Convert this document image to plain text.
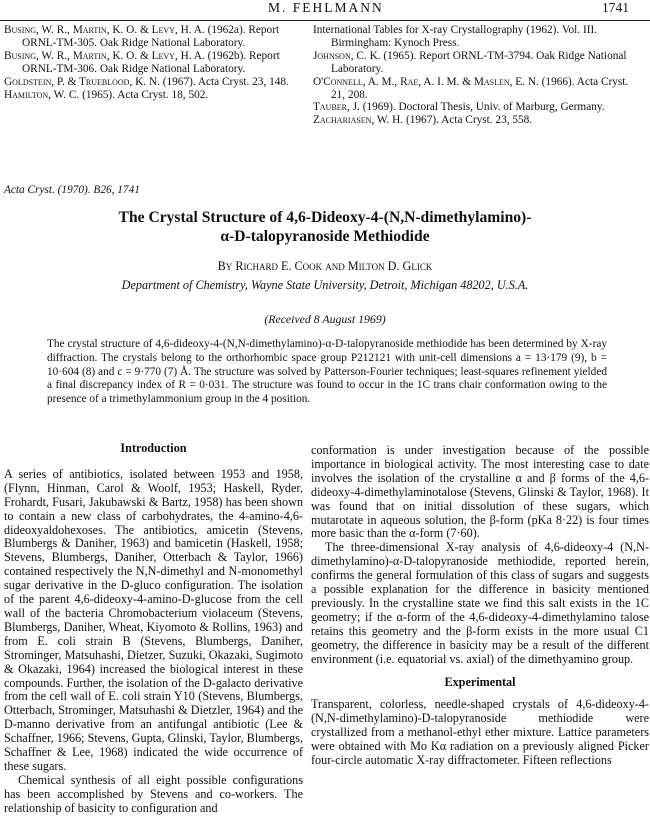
M. FEHLMANN	1741

Busing, W. R., Martin, K. O. & Levy, H. A. (1962a). Report ORNL-TM-305. Oak Ridge National Laboratory.

Busing, W. R., Martin, K. O. & Levy, H. A. (1962b). Report ORNL-TM-306. Oak Ridge National Laboratory.

Goldstein, P. & Trueblood, K. N. (1967). Acta Cryst. 23, 148.

Hamilton, W. C. (1965). Acta Cryst. 18, 502.

International Tables for X-ray Crystallography (1962). Vol. III. Birmingham: Kynoch Press.

Johnson, C. K. (1965). Report ORNL-TM-3794. Oak Ridge National Laboratory.

O'Connell, A. M., Rae, A. I. M. & Maslen, E. N. (1966). Acta Cryst. 21, 208.

Tauber, J. (1969). Doctoral Thesis, Univ. of Marburg, Germany.

Zachariasen, W. H. (1967). Acta Cryst. 23, 558.

Acta Cryst. (1970). B26, 1741
The Crystal Structure of 4,6-Dideoxy-4-(N,N-dimethylamino)-
α-D-talopyranoside Methiodide
By Richard E. Cook and Milton D. Glick
Department of Chemistry, Wayne State University, Detroit, Michigan 48202, U.S.A.
(Received 8 August 1969)
The crystal structure of 4,6-dideoxy-4-(N,N-dimethylamino)-α-D-talopyranoside methiodide has been determined by X-ray diffraction. The crystals belong to the orthorhombic space group P212121 with unit-cell dimensions a = 13·179 (9), b = 10·604 (8) and c = 9·770 (7) Å. The structure was solved by Patterson-Fourier techniques; least-squares refinement yielded a final discrepancy index of R = 0·031. The structure was found to occur in the 1C trans chair conformation owing to the presence of a trimethylammonium group in the 4 position.
Introduction

A series of antibiotics, isolated between 1953 and 1958, (Flynn, Hinman, Carol & Woolf, 1953; Haskell, Ryder, Frohardt, Fusari, Jakubawski & Bartz, 1958) has been shown to contain a new class of carbohydrates, the 4-amino-4,6-dideoxyaldohexoses. The antibiotics, amicetin (Stevens, Blumbergs & Daniher, 1963) and bamicetin (Haskell, 1958; Stevens, Blumbergs, Daniher, Otterbach & Taylor, 1966) contained respectively the N,N-dimethyl and N-monomethyl sugar derivative in the D-gluco configuration. The isolation of the parent 4,6-dideoxy-4-amino-D-glucose from the cell wall of the bacteria Chromobacterium violaceum (Stevens, Blumbergs, Daniher, Wheat, Kiyomoto & Rollins, 1963) and from E. coli strain B (Stevens, Blumbergs, Daniher, Strominger, Matsuhashi, Dietzer, Suzuki, Okazaki, Sugimoto & Okazaki, 1964) increased the biological interest in these compounds. Further, the isolation of the D-galacto derivative from the cell wall of E. coli strain Y10 (Stevens, Blumbergs, Otterbach, Strominger, Matsuhashi & Dietzler, 1964) and the D-manno derivative from an antifungal antibiotic (Lee & Schaffner, 1966; Stevens, Gupta, Glinski, Taylor, Blumbergs, Schaffner & Lee, 1968) indicated the wide occurrence of these sugars.

Chemical synthesis of all eight possible configurations has been accomplished by Stevens and co-workers. The relationship of basicity to configuration and

conformation is under investigation because of the possible importance in biological activity. The most interesting case to date involves the isolation of the crystalline α and β forms of the 4,6-dideoxy-4-dimethylaminotalose (Stevens, Glinski & Taylor, 1968). It was found that on initial dissolution of these sugars, which mutarotate in aqueous solution, the β-form (pKa 8·22) is four times more basic than the α-form (7·60).

The three-dimensional X-ray analysis of 4,6-dideoxy-4 (N,N-dimethylamino)-α-D-talopyranoside methiodide, reported herein, confirms the general formulation of this class of sugars and suggests a possible explanation for the difference in basicity mentioned previously. In the crystalline state we find this salt exists in the 1C geometry; if the α-form of the 4,6-dideoxy-4-dimethylamino talose retains this geometry and the β-form exists in the more usual C1 geometry, the difference in basicity may be a result of the different environment (i.e. equatorial vs. axial) of the dimethyamino group.

Experimental

Transparent, colorless, needle-shaped crystals of 4,6-dideoxy-4-(N,N-dimethylamino)-D-talopyranoside methiodide were crystallized from a methanol-ethyl ether mixture. Lattice parameters were obtained with Mo Kα radiation on a previously aligned Picker four-circle automatic X-ray diffractometer. Fifteen reflections
